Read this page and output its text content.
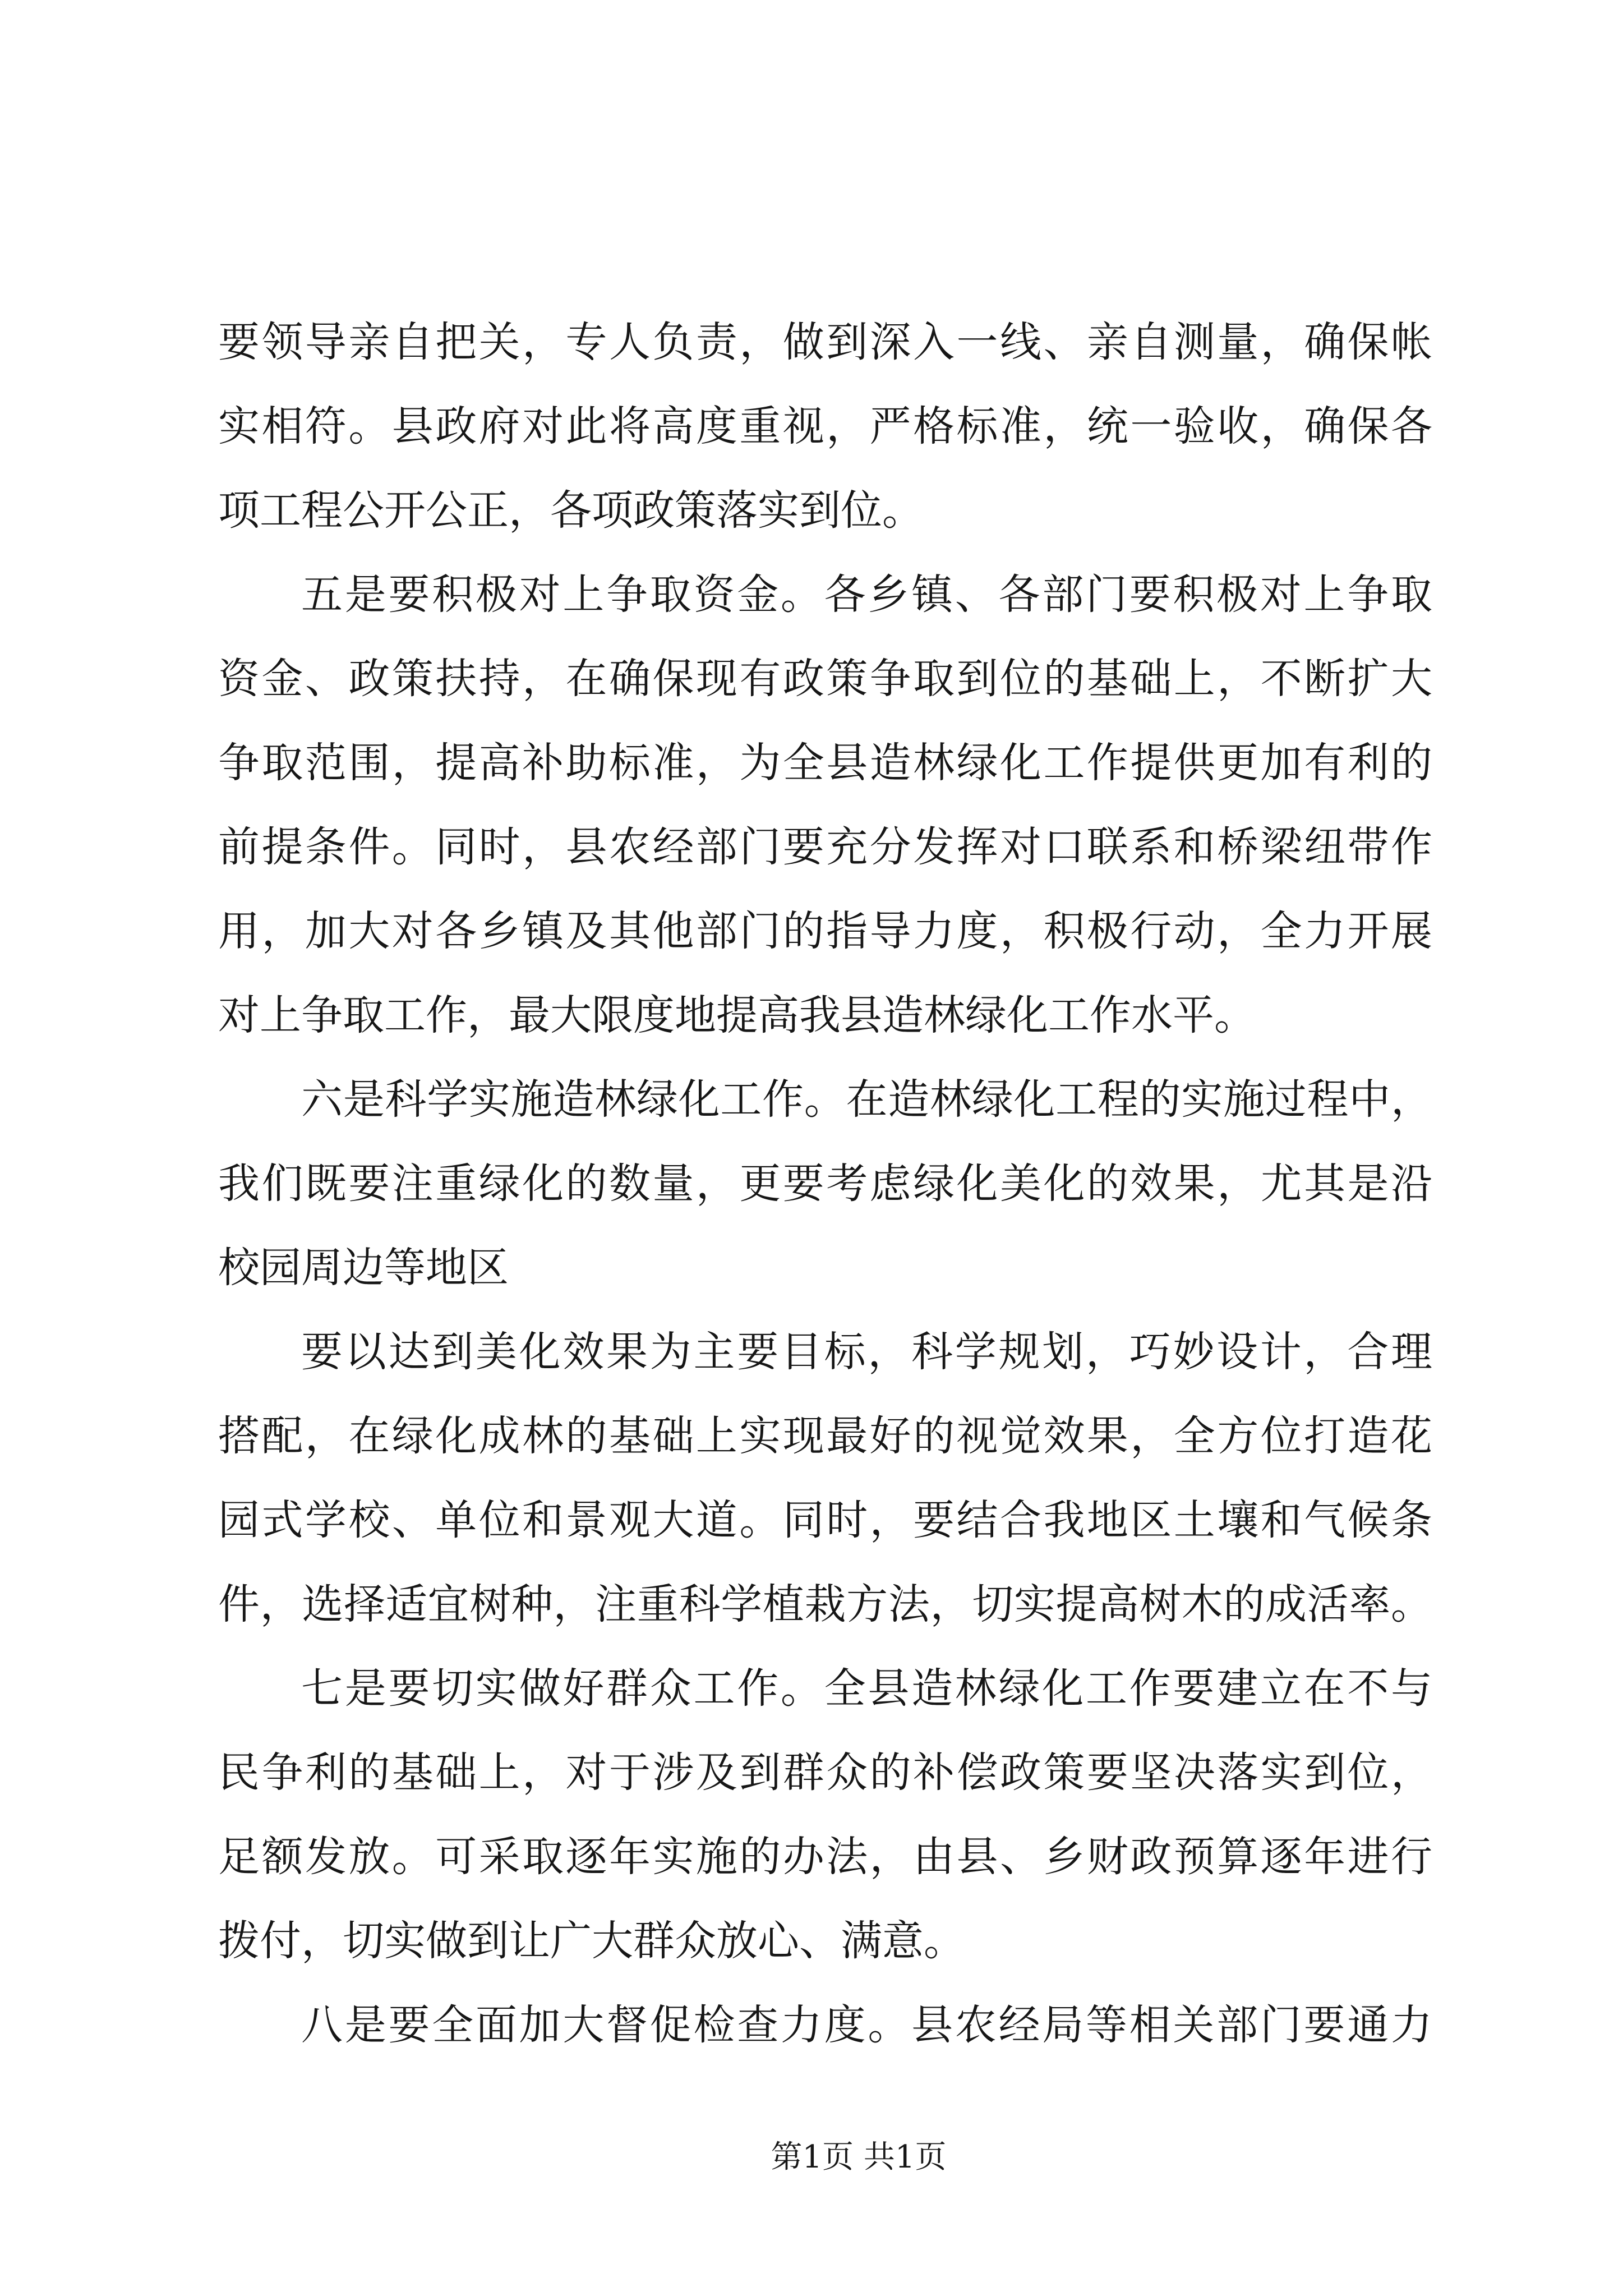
要领导亲自把关，专人负责，做到深入一线、亲自测量，确保帐
实相符。县政府对此将高度重视，严格标准，统一验收，确保各
项工程公开公正，各项政策落实到位。
五是要积极对上争取资金。各乡镇、各部门要积极对上争取
资金、政策扶持，在确保现有政策争取到位的基础上，不断扩大
争取范围，提高补助标准，为全县造林绿化工作提供更加有利的
前提条件。同时，县农经部门要充分发挥对口联系和桥梁纽带作
用，加大对各乡镇及其他部门的指导力度，积极行动，全力开展
对上争取工作，最大限度地提高我县造林绿化工作水平。
六是科学实施造林绿化工作。在造林绿化工程的实施过程中，
我们既要注重绿化的数量，更要考虑绿化美化的效果，尤其是沿
校园周边等地区
要以达到美化效果为主要目标，科学规划，巧妙设计，合理
搭配，在绿化成林的基础上实现最好的视觉效果，全方位打造花
园式学校、单位和景观大道。同时，要结合我地区土壤和气候条
件，选择适宜树种，注重科学植栽方法，切实提高树木的成活率。
七是要切实做好群众工作。全县造林绿化工作要建立在不与
民争利的基础上，对于涉及到群众的补偿政策要坚决落实到位，
足额发放。可采取逐年实施的办法，由县、乡财政预算逐年进行
拨付，切实做到让广大群众放心、满意。
八是要全面加大督促检查力度。县农经局等相关部门要通力
第1页 共1页
